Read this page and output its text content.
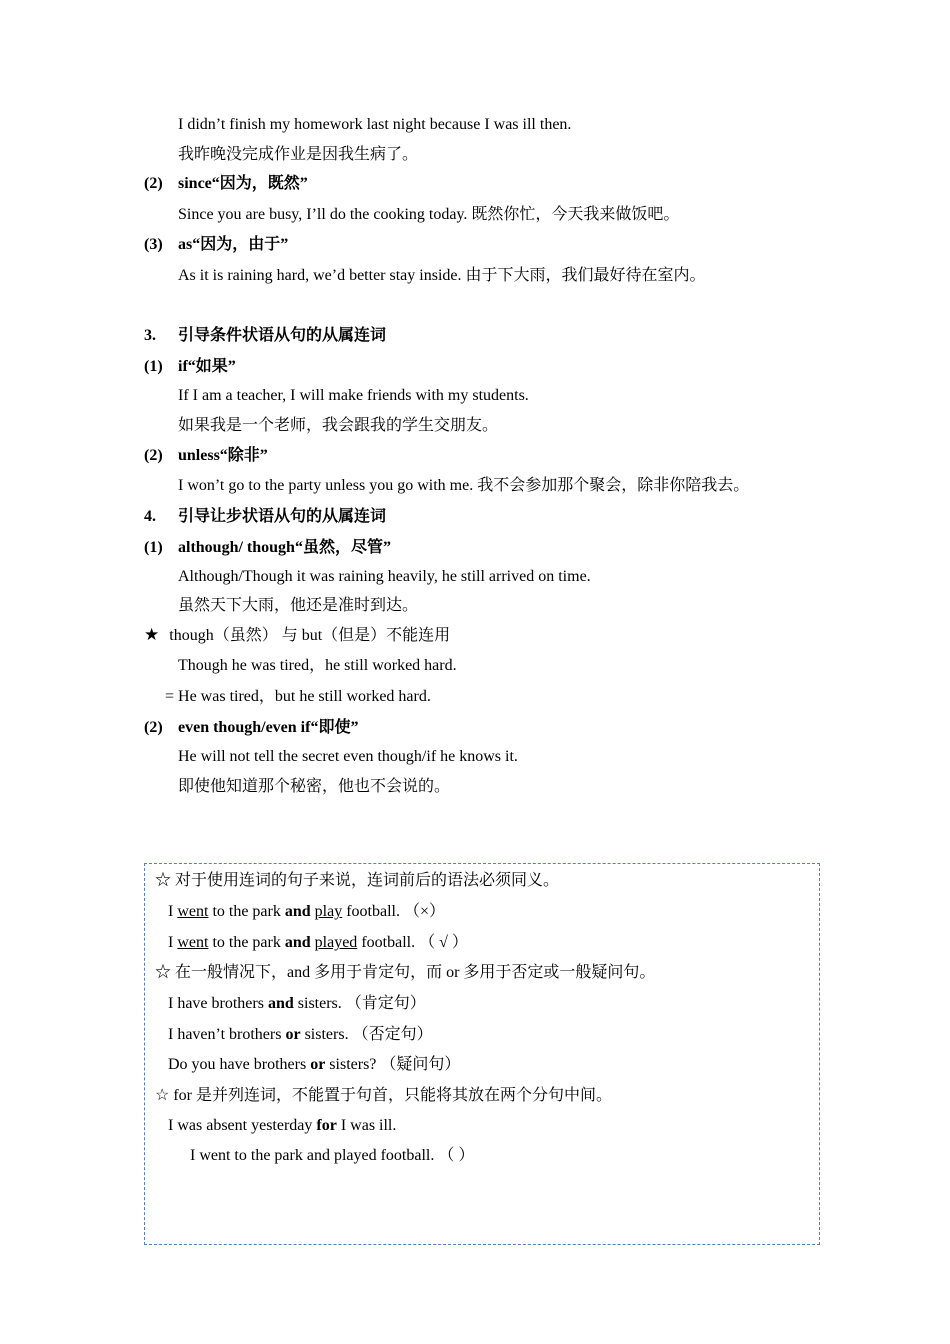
I didn’t finish my homework last night because I was ill then.
我昨晚没完成作业是因我生病了。
(2) since“因为，既然”
Since you are busy, I’ll do the cooking today. 既然你忙，今天我来做饭吧。
(3) as“因为，由于”
As it is raining hard, we’d better stay inside. 由于下大雨，我们最好待在室内。
3. 引导条件状语从句的从属连词
(1) if“如果”
If I am a teacher, I will make friends with my students.
如果我是一个老师，我会跟我的学生交朋友。
(2) unless“除非”
I won’t go to the party unless you go with me. 我不会参加那个聚会，除非你陪我去。
4. 引导让步状语从句的从属连词
(1) although/ though“虽然，尽管”
Although/Though it was raining heavily, he still arrived on time.
虽然天下大雨，他还是准时到达。
★ though（虽然） 与 but（但是）不能连用
Though he was tired，he still worked hard.
= He was tired，but he still worked hard.
(2) even though/even if“即使”
He will not tell the secret even though/if he knows it.
即使他知道那个秘密，他也不会说的。
☆ 对于使用连词的句子来说，连词前后的语法必须同义。
I went to the park and play football. （×）
I went to the park and played football. （ √ ）
☆ 在一般情况下，and 多用于肯定句，而 or 多用于否定或一般疑问句。
I have brothers and sisters. （肯定句）
I haven’t brothers or sisters. （否定句）
Do you have brothers or sisters? （疑问句）
☆ for 是并列连词，不能置于句首，只能将其放在两个分句中间。
I was absent yesterday for I was ill.
I went to the park and played football. （ ）
